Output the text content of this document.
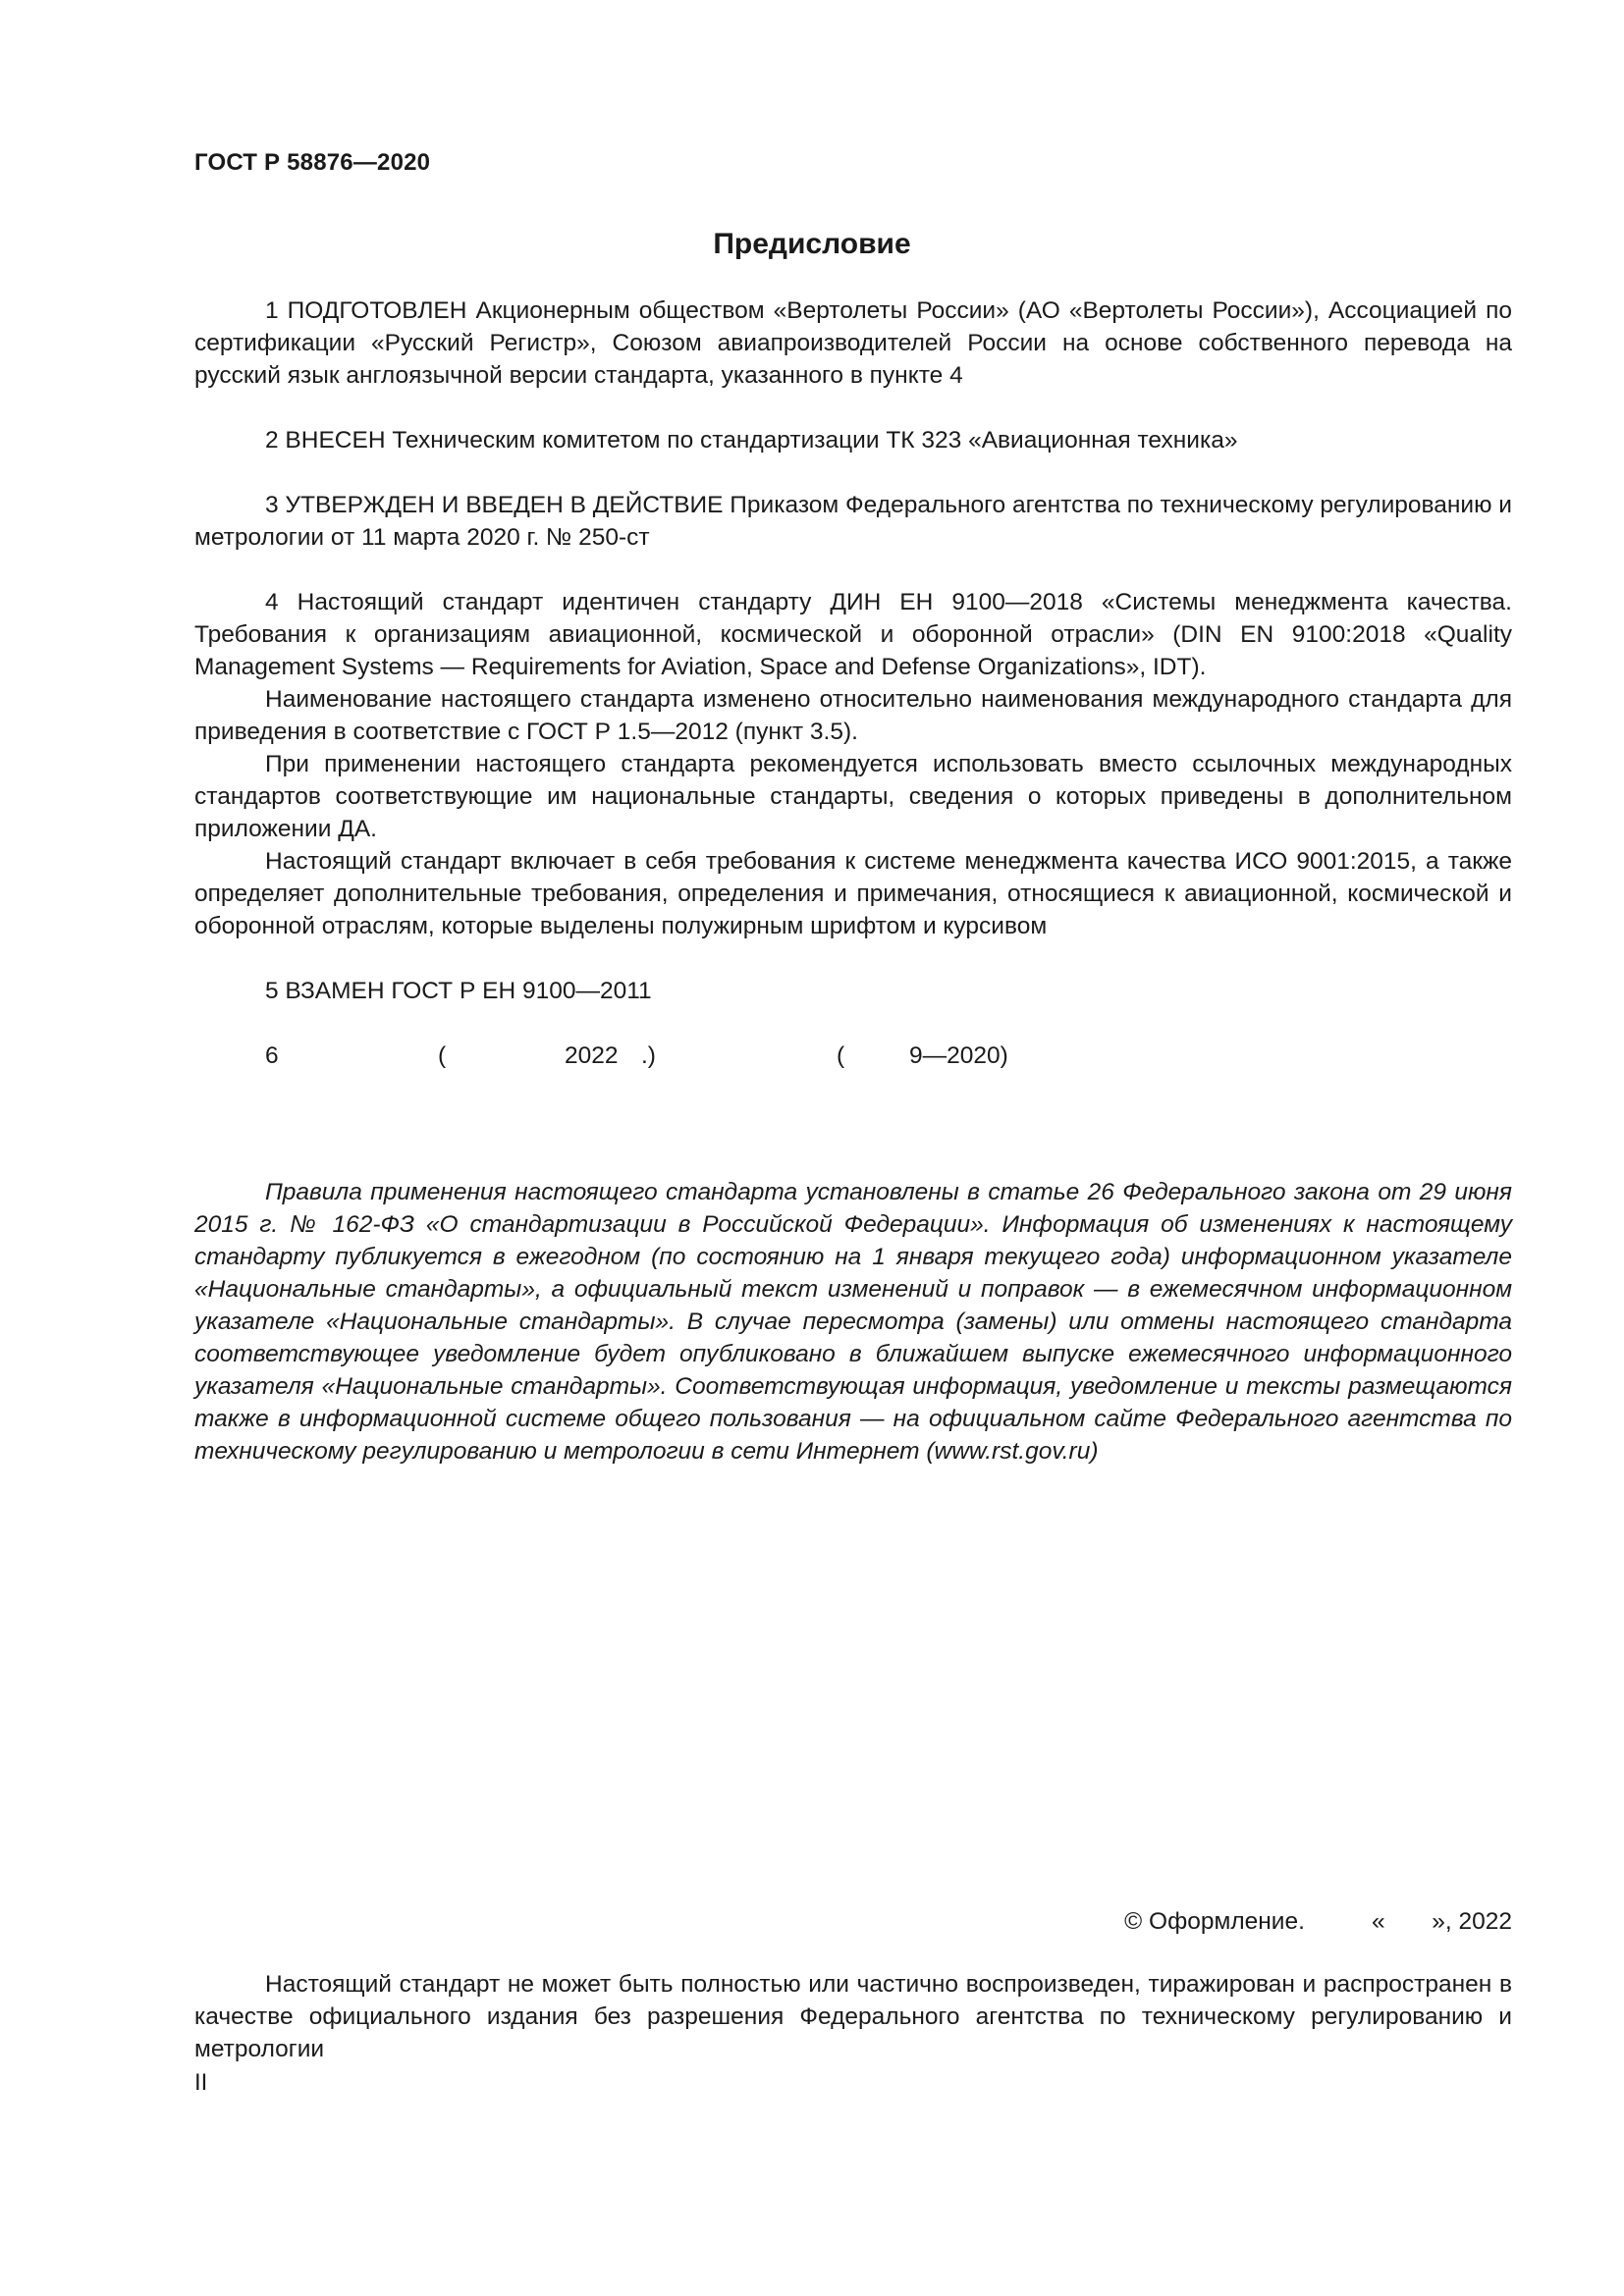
ГОСТ Р 58876—2020
Предисловие

1 ПОДГОТОВЛЕН Акционерным обществом «Вертолеты России» (АО «Вертолеты России»), Ассоциацией по сертификации «Русский Регистр», Союзом авиапроизводителей России на основе собственного перевода на русский язык англоязычной версии стандарта, указанного в пункте 4

2 ВНЕСЕН Техническим комитетом по стандартизации ТК 323 «Авиационная техника»

3 УТВЕРЖДЕН И ВВЕДЕН В ДЕЙСТВИЕ Приказом Федерального агентства по техническому регулированию и метрологии от 11 марта 2020 г. № 250-ст

4 Настоящий стандарт идентичен стандарту ДИН ЕН 9100—2018 «Системы менеджмента качества. Требования к организациям авиационной, космической и оборонной отрасли» (DIN EN 9100:2018 «Quality Management Systems — Requirements for Aviation, Space and Defense Organizations», IDT).

Наименование настоящего стандарта изменено относительно наименования международного стандарта для приведения в соответствие с ГОСТ Р 1.5—2012 (пункт 3.5).

При применении настоящего стандарта рекомендуется использовать вместо ссылочных международных стандартов соответствующие им национальные стандарты, сведения о которых приведены в дополнительном приложении ДА.

Настоящий стандарт включает в себя требования к системе менеджмента качества ИСО 9001:2015, а также определяет дополнительные требования, определения и примечания, относящиеся к авиационной, космической и оборонной отраслям, которые выделены полужирным шрифтом и курсивом

5 ВЗАМЕН ГОСТ Р ЕН 9100—2011

6	(	2022 .)	(	9—2020)

Правила применения настоящего стандарта установлены в статье 26 Федерального закона от 29 июня 2015 г. № 162-ФЗ «О стандартизации в Российской Федерации». Информация об изменениях к настоящему стандарту публикуется в ежегодном (по состоянию на 1 января текущего года) информационном указателе «Национальные стандарты», а официальный текст изменений и поправок — в ежемесячном информационном указателе «Национальные стандарты». В случае пересмотра (замены) или отмены настоящего стандарта соответствующее уведомление будет опубликовано в ближайшем выпуске ежемесячного информационного указателя «Национальные стандарты». Соответствующая информация, уведомление и тексты размещаются также в информационной системе общего пользования — на официальном сайте Федерального агентства по техническому регулированию и метрологии в сети Интернет (www.rst.gov.ru)

© Оформление.          «       », 2022

Настоящий стандарт не может быть полностью или частично воспроизведен, тиражирован и распространен в качестве официального издания без разрешения Федерального агентства по техническому регулированию и метрологии

II
